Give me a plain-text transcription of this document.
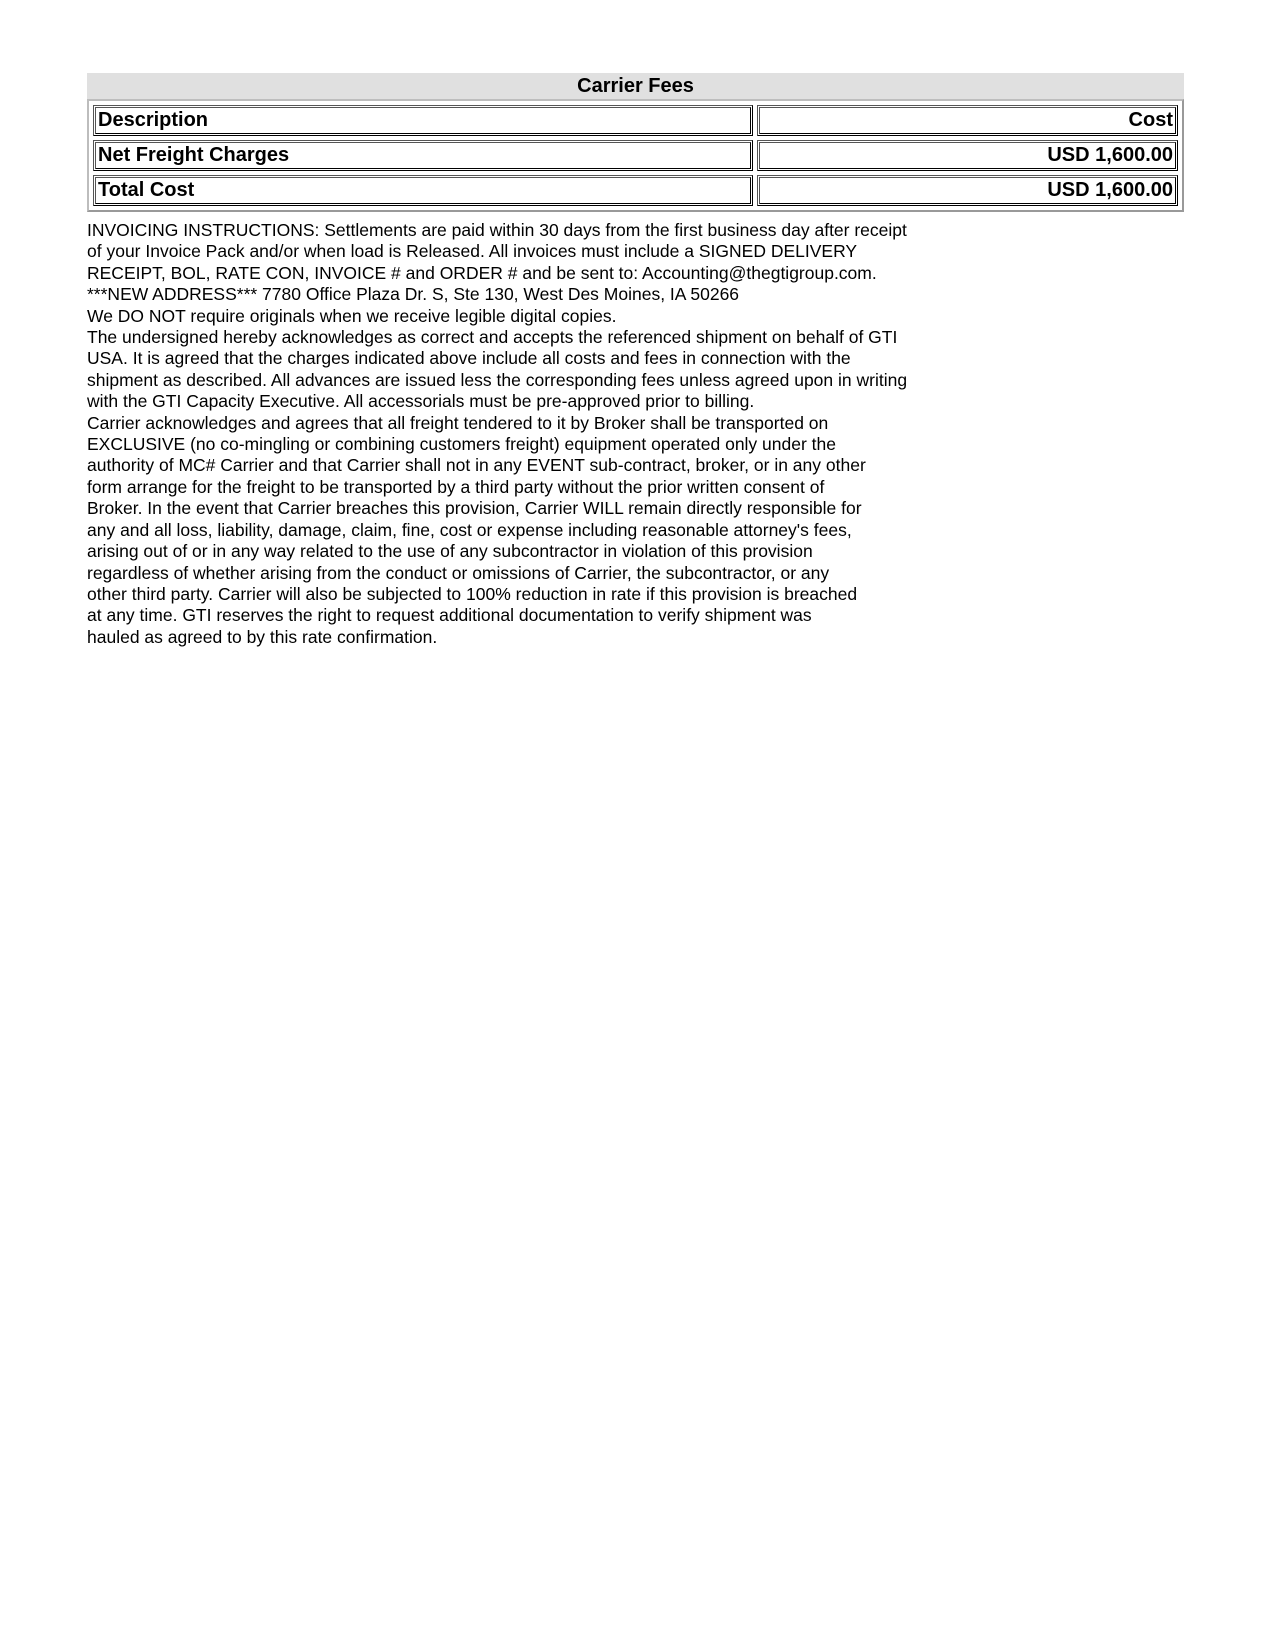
Carrier Fees
Description	Cost
Net Freight Charges	USD 1,600.00
Total Cost	USD 1,600.00

INVOICING INSTRUCTIONS: Settlements are paid within 30 days from the first business day after receipt
of your Invoice Pack and/or when load is Released. All invoices must include a SIGNED DELIVERY
RECEIPT, BOL, RATE CON, INVOICE # and ORDER # and be sent to: Accounting@thegtigroup.com.
***NEW ADDRESS*** 7780 Office Plaza Dr. S, Ste 130, West Des Moines, IA 50266

We DO NOT require originals when we receive legible digital copies.

The undersigned hereby acknowledges as correct and accepts the referenced shipment on behalf of GTI
USA. It is agreed that the charges indicated above include all costs and fees in connection with the
shipment as described. All advances are issued less the corresponding fees unless agreed upon in writing
with the GTI Capacity Executive. All accessorials must be pre-approved prior to billing.

Carrier acknowledges and agrees that all freight tendered to it by Broker shall be transported on
EXCLUSIVE (no co-mingling or combining customers freight) equipment operated only under the
authority of MC# Carrier and that Carrier shall not in any EVENT sub-contract, broker, or in any other
form arrange for the freight to be transported by a third party without the prior written consent of
Broker. In the event that Carrier breaches this provision, Carrier WILL remain directly responsible for
any and all loss, liability, damage, claim, fine, cost or expense including reasonable attorney's fees,
arising out of or in any way related to the use of any subcontractor in violation of this provision
regardless of whether arising from the conduct or omissions of Carrier, the subcontractor, or any
other third party. Carrier will also be subjected to 100% reduction in rate if this provision is breached
at any time. GTI reserves the right to request additional documentation to verify shipment was
hauled as agreed to by this rate confirmation.
